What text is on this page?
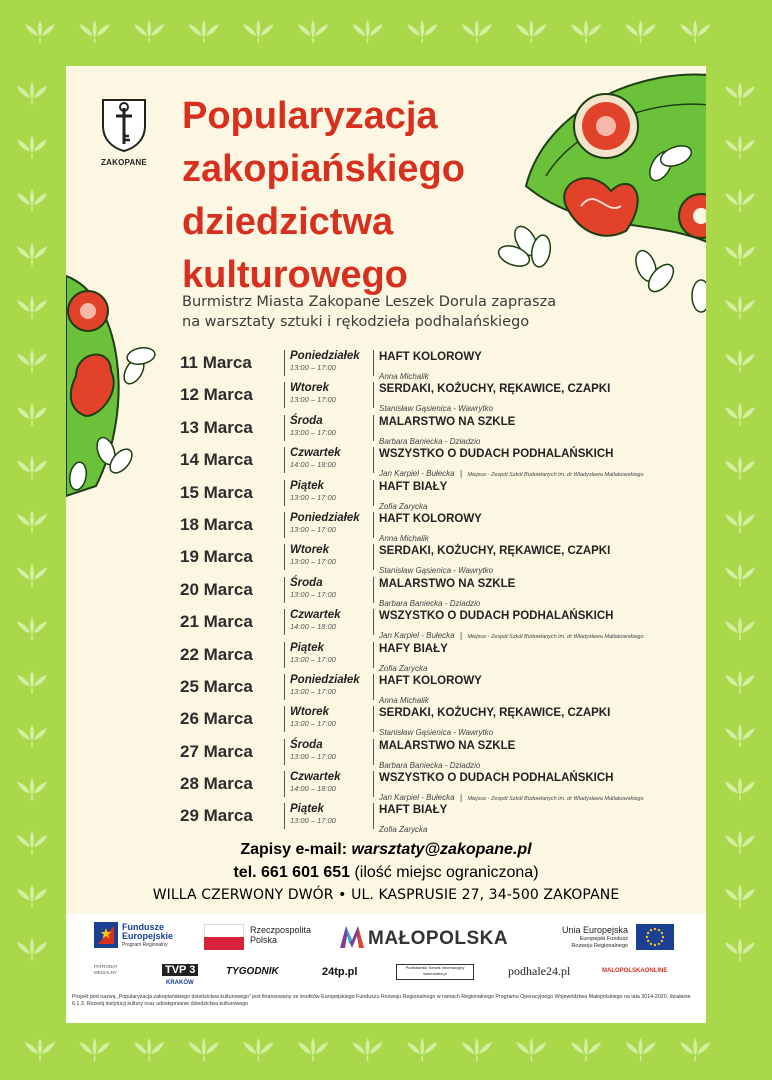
ZAKOPANE
Popularyzacja
zakopiańskiego
dziedzictwa
kulturowego

Burmistrz Miasta Zakopane Leszek Dorula zaprasza
na warsztaty sztuki i rękodzieła podhalańskiego

11 Marca	Poniedziałek
13:00 – 17:00
HAFT KOLOROWY
Anna Michalik
12 Marca	Wtorek
13:00 – 17:00
SERDAKI, KOŻUCHY, RĘKAWICE, CZAPKI
Stanisław Gąsienica - Wawrytko
13 Marca	Środa
13:00 – 17:00
MALARSTWO NA SZKLE
Barbara Baniecka - Dziadzio
14 Marca	Czwartek
14:00 – 18:00
WSZYSTKO O DUDACH PODHALAŃSKICH
Jan Karpiel - Bułecka | Miejsce - Zespół Szkół Budowlanych im. dr Władysława Matlakowskiego
15 Marca	Piątek
13:00 – 17:00
HAFT BIAŁY
Zofia Zarycka
18 Marca	Poniedziałek
13:00 – 17:00
HAFT KOLOROWY
Anna Michalik
19 Marca	Wtorek
13:00 – 17:00
SERDAKI, KOŻUCHY, RĘKAWICE, CZAPKI
Stanisław Gąsienica - Wawrytko
20 Marca	Środa
13:00 – 17:00
MALARSTWO NA SZKLE
Barbara Baniecka - Dziadzio
21 Marca	Czwartek
14:00 – 18:00
WSZYSTKO O DUDACH PODHALAŃSKICH
Jan Karpiel - Bułecka | Miejsce - Zespół Szkół Budowlanych im. dr Władysława Matlakowskiego
22 Marca	Piątek
13:00 – 17:00
HAFY BIAŁY
Zofia Zarycka
25 Marca	Poniedziałek
13:00 – 17:00
HAFT KOLOROWY
Anna Michalik
26 Marca	Wtorek
13:00 – 17:00
SERDAKI, KOŻUCHY, RĘKAWICE, CZAPKI
Stanisław Gąsienica - Wawrytko
27 Marca	Środa
13:00 – 17:00
MALARSTWO NA SZKLE
Barbara Baniecka - Dziadzio
28 Marca	Czwartek
14:00 – 18:00
WSZYSTKO O DUDACH PODHALAŃSKICH
Jan Karpiel - Bułecka | Miejsce - Zespół Szkół Budowlanych im. dr Władysława Matlakowskiego
29 Marca	Piątek
13:00 – 17:00
HAFT BIAŁY
Zofia Zarycka
Zapisy e-mail: warsztaty@zakopane.pl
tel. 661 601 651 (ilość miejsc ograniczona)
WILLA CZERWONY DWÓR • UL. KASPRUSIE 27, 34-500 ZAKOPANE
Fundusze
Europejskie
Program Regionalny
Rzeczpospolita
Polska	MAŁOPOLSKA	Unia Europejska
Europejski Fundusz
Rozwoju Regionalnego
PATRONAT
MEDIALNY	TVP 3
KRAKÓW
TYGODNIK	24tp.pl	Podhalański Serwis Informacyjny
www.watra.pl	podhale24.pl	MALOPOLSKAONLINE
Projekt pod nazwą „Popularyzacja zakopiańskiego dziedzictwa kulturowego” jest finansowany ze środków Europejskiego Funduszu Rozwoju Regionalnego w ramach Regionalnego Programu Operacyjnego Województwa Małopolskiego na lata 2014-2020, działanie 6.1.3. Rozwój instytucji kultury oraz udostępnianie dziedzictwa kulturowego
